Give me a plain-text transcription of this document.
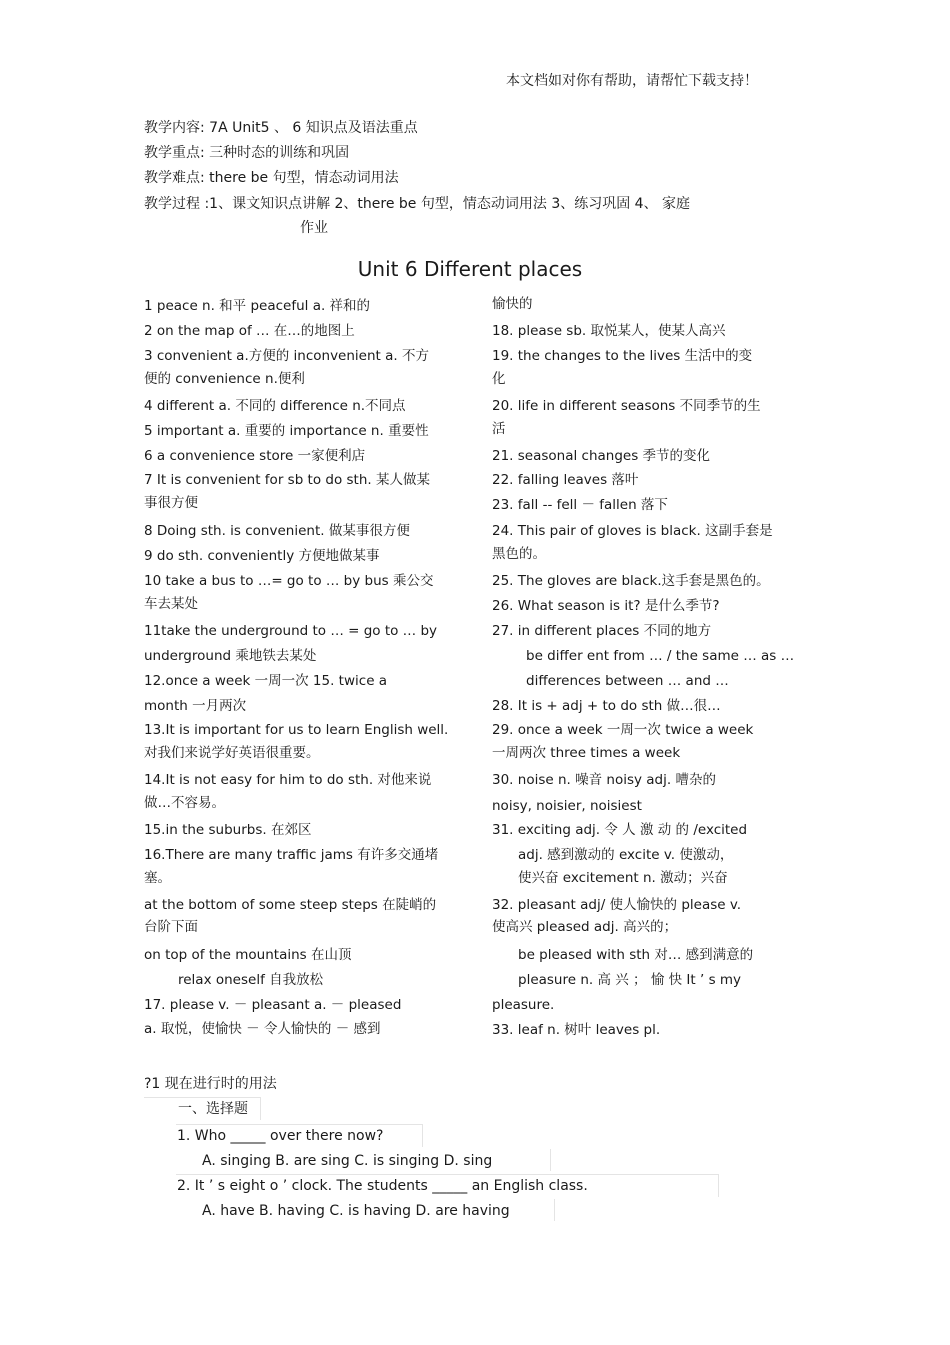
本文档如对你有帮助，请帮忙下载支持！
教学内容: 7A Unit5 、 6 知识点及语法重点
教学重点: 三种时态的训练和巩固
教学难点: there be 句型，情态动词用法
教学过程 :1、课文知识点讲解 2、there be 句型，情态动词用法 3、练习巩固 4、 家庭
作业
Unit 6 Different places
1 peace n. 和平 peaceful a. 祥和的
2 on the map of … 在…的地图上
3 convenient a.方便的 inconvenient a. 不方
便的 convenience n.便利
4 different a. 不同的 difference n.不同点
5 important a. 重要的 importance n. 重要性
6 a convenience store 一家便利店
7 It is convenient for sb to do sth. 某人做某
事很方便
8 Doing sth. is convenient. 做某事很方便
9 do sth. conveniently 方便地做某事
10 take a bus to …= go to … by bus 乘公交
车去某处
11take the underground to … = go to … by
underground 乘地铁去某处
12.once a week 一周一次 15. twice a
month 一月两次
13.It is important for us to learn English well.
对我们来说学好英语很重要。
14.It is not easy for him to do sth. 对他来说
做…不容易。
15.in the suburbs. 在郊区
16.There are many traffic jams 有许多交通堵
塞。
at the bottom of some steep steps 在陡峭的
台阶下面
on top of the mountains 在山顶
relax oneself 自我放松
17. please v. － pleasant a. － pleased
a. 取悦，使愉快 － 令人愉快的 － 感到
愉快的
18. please sb. 取悦某人，使某人高兴
19. the changes to the lives 生活中的变
化
20. life in different seasons 不同季节的生
活
21. seasonal changes 季节的变化
22. falling leaves 落叶
23. fall -- fell － fallen 落下
24. This pair of gloves is black. 这副手套是
黑色的。
25. The gloves are black.这手套是黑色的。
26. What season is it? 是什么季节?
27. in different places 不同的地方
be differ ent from … / the same … as …
differences between … and …
28. It is + adj + to do sth 做…很…
29. once a week 一周一次 twice a week
一周两次 three times a week
30. noise n. 噪音 noisy adj. 嘈杂的
noisy, noisier, noisiest
31. exciting adj. 令 人 激 动 的 /excited
adj. 感到激动的 excite v. 使激动，
使兴奋 excitement n. 激动；兴奋
32. pleasant adj/ 使人愉快的 please v.
使高兴 pleased adj. 高兴的；
be pleased with sth 对… 感到满意的
pleasure n. 高 兴 ； 愉 快 It ’ s my
pleasure.
33. leaf n. 树叶 leaves pl.
?1 现在进行时的用法
一、选择题
1. Who _____ over there now?
A. singing B. are sing C. is singing D. sing
2. It ’ s eight o ’ clock. The students _____ an English class.
A. have B. having C. is having D. are having
